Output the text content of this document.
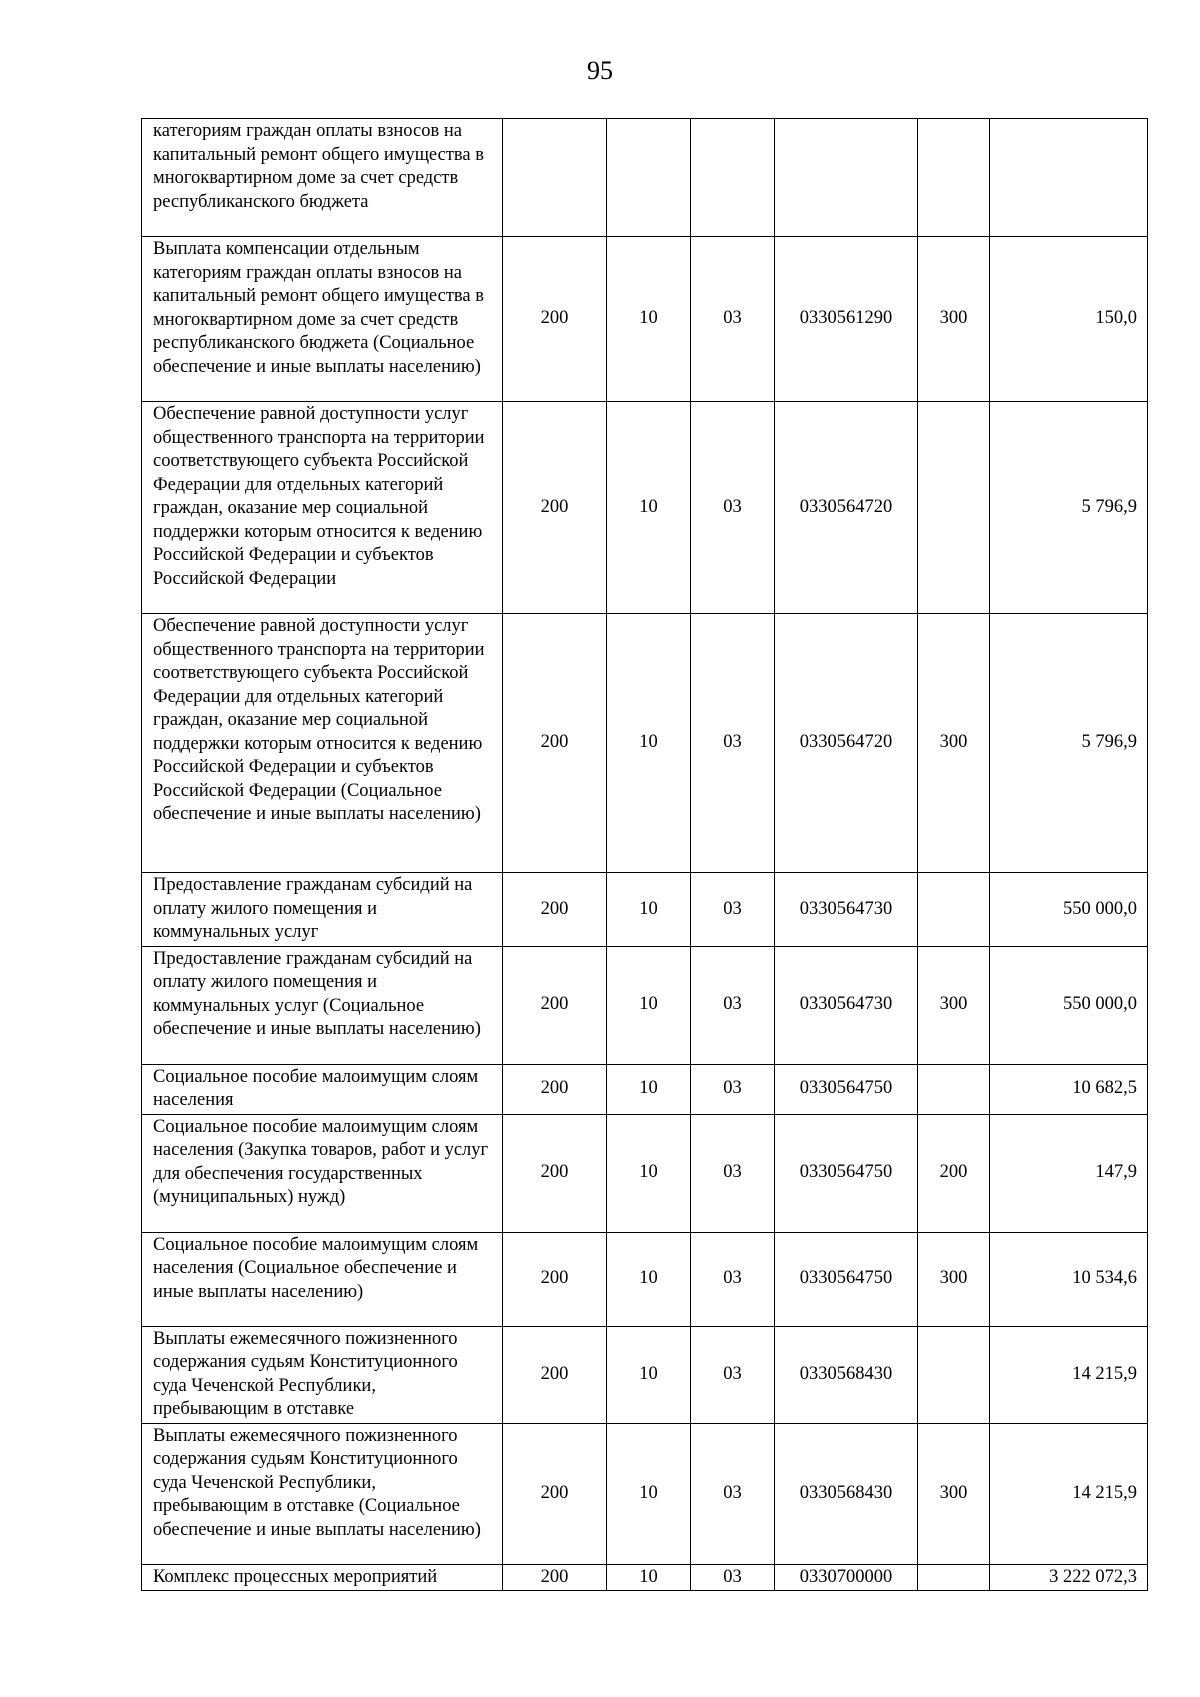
95
категориям граждан оплаты взносов на капитальный ремонт общего имущества в многоквартирном доме за счет средств республиканского бюджета						
Выплата компенсации отдельным категориям граждан оплаты взносов на капитальный ремонт общего имущества в многоквартирном доме за счет средств республиканского бюджета (Социальное обеспечение и иные выплаты населению)	200	10	03	0330561290	300	150,0
Обеспечение равной доступности услуг общественного транспорта на территории соответствующего субъекта Российской Федерации для отдельных категорий граждан, оказание мер социальной поддержки которым относится к ведению Российской Федерации и субъектов Российской Федерации	200	10	03	0330564720		5 796,9
Обеспечение равной доступности услуг общественного транспорта на территории соответствующего субъекта Российской Федерации для отдельных категорий граждан, оказание мер социальной поддержки которым относится к ведению Российской Федерации и субъектов Российской Федерации (Социальное обеспечение и иные выплаты населению)	200	10	03	0330564720	300	5 796,9
Предоставление гражданам субсидий на оплату жилого помещения и коммунальных услуг	200	10	03	0330564730		550 000,0
Предоставление гражданам субсидий на оплату жилого помещения и коммунальных услуг (Социальное обеспечение и иные выплаты населению)	200	10	03	0330564730	300	550 000,0
Социальное пособие малоимущим слоям населения	200	10	03	0330564750		10 682,5
Социальное пособие малоимущим слоям населения (Закупка товаров, работ и услуг для обеспечения государственных (муниципальных) нужд)	200	10	03	0330564750	200	147,9
Социальное пособие малоимущим слоям населения (Социальное обеспечение и иные выплаты населению)	200	10	03	0330564750	300	10 534,6
Выплаты ежемесячного пожизненного содержания судьям Конституционного суда Чеченской Республики, пребывающим в отставке	200	10	03	0330568430		14 215,9
Выплаты ежемесячного пожизненного содержания судьям Конституционного суда Чеченской Республики, пребывающим в отставке (Социальное обеспечение и иные выплаты населению)	200	10	03	0330568430	300	14 215,9
Комплекс процессных мероприятий	200	10	03	0330700000		3 222 072,3
